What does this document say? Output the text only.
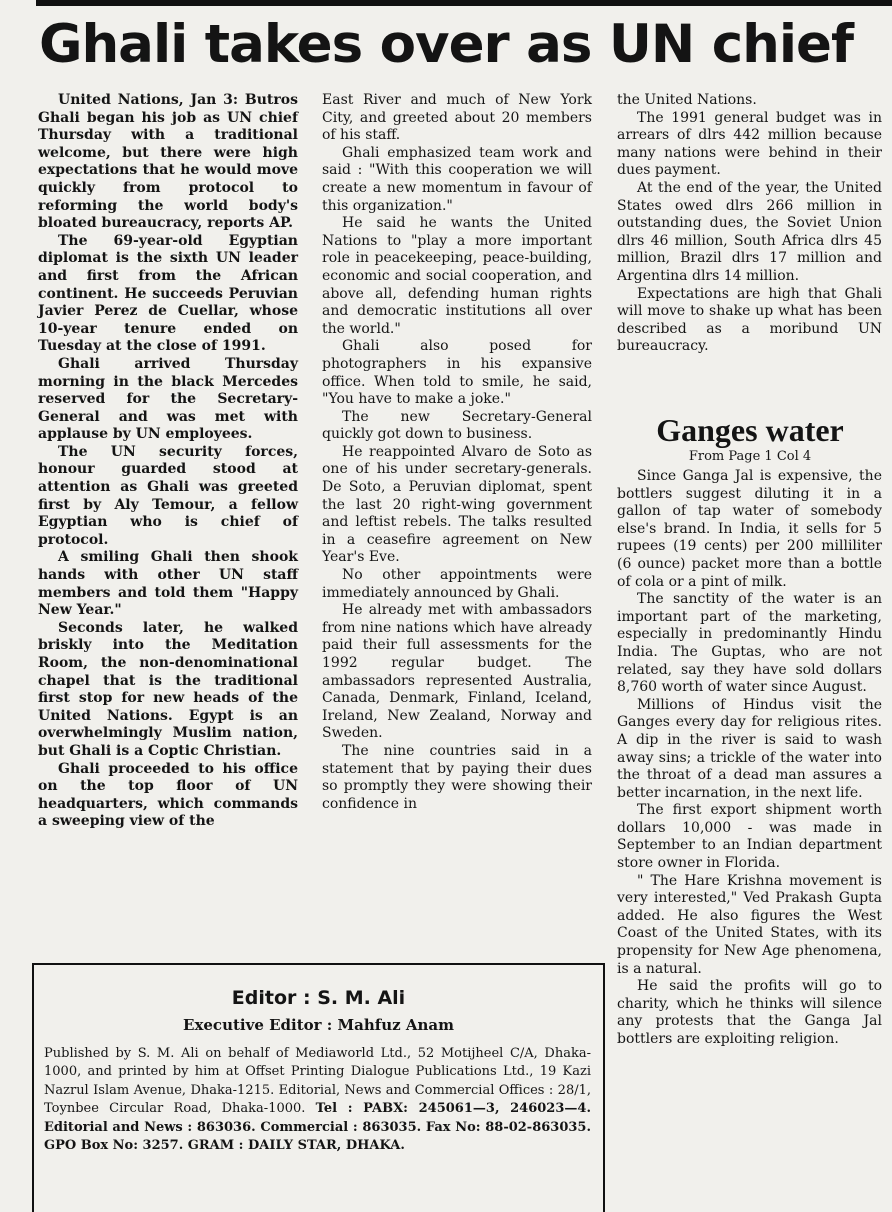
Ghali takes over as UN chief

United Nations, Jan 3: Butros Ghali began his job as UN chief Thursday with a traditional welcome, but there were high expectations that he would move quickly from protocol to reforming the world body's bloated bureaucracy, reports AP.

The 69-year-old Egyptian diplomat is the sixth UN leader and first from the African continent. He succeeds Peruvian Javier Perez de Cuellar, whose 10-year tenure ended on Tuesday at the close of 1991.

Ghali arrived Thursday morning in the black Mercedes reserved for the Secretary-General and was met with applause by UN employees.

The UN security forces, honour guarded stood at attention as Ghali was greeted first by Aly Temour, a fellow Egyptian who is chief of protocol.

A smiling Ghali then shook hands with other UN staff members and told them "Happy New Year."

Seconds later, he walked briskly into the Meditation Room, the non-denominational chapel that is the traditional first stop for new heads of the United Nations. Egypt is an overwhelmingly Muslim nation, but Ghali is a Coptic Christian.

Ghali proceeded to his office on the top floor of UN headquarters, which commands a sweeping view of the

East River and much of New York City, and greeted about 20 members of his staff.

Ghali emphasized team work and said : "With this cooperation we will create a new momentum in favour of this organization."

He said he wants the United Nations to "play a more important role in peacekeeping, peace-building, economic and social cooperation, and above all, defending human rights and democratic institutions all over the world."

Ghali also posed for photographers in his expansive office. When told to smile, he said, "You have to make a joke."

The new Secretary-General quickly got down to business.

He reappointed Alvaro de Soto as one of his under secretary-generals. De Soto, a Peruvian diplomat, spent the last 20 right-wing government and leftist rebels. The talks resulted in a ceasefire agreement on New Year's Eve.

No other appointments were immediately announced by Ghali.

He already met with ambassadors from nine nations which have already paid their full assessments for the 1992 regular budget. The ambassadors represented Australia, Canada, Denmark, Finland, Iceland, Ireland, New Zealand, Norway and Sweden.

The nine countries said in a statement that by paying their dues so promptly they were showing their confidence in

the United Nations.

The 1991 general budget was in arrears of dlrs 442 million because many nations were behind in their dues payment.

At the end of the year, the United States owed dlrs 266 million in outstanding dues, the Soviet Union dlrs 46 million, South Africa dlrs 45 million, Brazil dlrs 17 million and Argentina dlrs 14 million.

Expectations are high that Ghali will move to shake up what has been described as a moribund UN bureaucracy.

Ganges water
From Page 1 Col 4

Since Ganga Jal is expensive, the bottlers suggest diluting it in a gallon of tap water of somebody else's brand. In India, it sells for 5 rupees (19 cents) per 200 milliliter (6 ounce) packet more than a bottle of cola or a pint of milk.

The sanctity of the water is an important part of the marketing, especially in predominantly Hindu India. The Guptas, who are not related, say they have sold dollars 8,760 worth of water since August.

Millions of Hindus visit the Ganges every day for religious rites. A dip in the river is said to wash away sins; a trickle of the water into the throat of a dead man assures a better incarnation, in the next life.

The first export shipment worth dollars 10,000 - was made in September to an Indian department store owner in Florida.

" The Hare Krishna movement is very interested," Ved Prakash Gupta added. He also figures the West Coast of the United States, with its propensity for New Age phenomena, is a natural.

He said the profits will go to charity, which he thinks will silence any protests that the Ganga Jal bottlers are exploiting religion.

Editor : S. M. Ali
Executive Editor : Mahfuz Anam
Published by S. M. Ali on behalf of Mediaworld Ltd., 52 Motijheel C/A, Dhaka-1000, and printed by him at Offset Printing Dialogue Publications Ltd., 19 Kazi Nazrul Islam Avenue, Dhaka-1215. Editorial, News and Commercial Offices : 28/1, Toynbee Circular Road, Dhaka-1000. Tel : PABX: 245061—3, 246023—4. Editorial and News : 863036. Commercial : 863035. Fax No: 88-02-863035. GPO Box No: 3257. GRAM : DAILY STAR, DHAKA.
